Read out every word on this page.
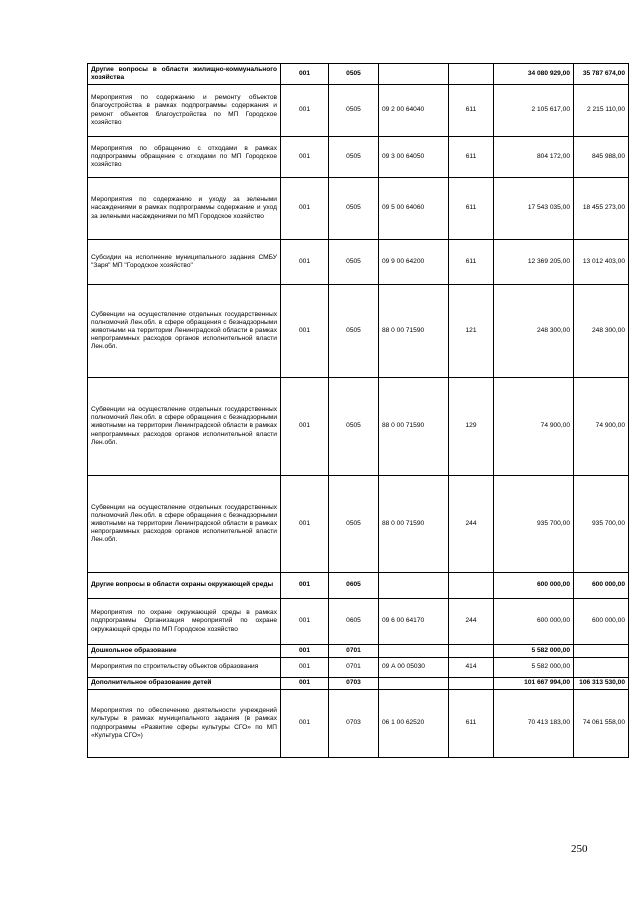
Другие вопросы в области жилищно-коммунального хозяйства	001	0505			34 080 929,00	35 787 674,00
Мероприятия по содержанию и ремонту объектов благоустройства в рамках подпрограммы содержания и ремонт объектов благоустройства по МП Городское хозяйство	001	0505	09 2 00 64040	611	2 105 617,00	2 215 110,00
Мероприятия по обращению с отходами в рамках подпрограммы обращение с отходами по МП Городское хозяйство	001	0505	09 3 00 64050	611	804 172,00	845 988,00
Мероприятия по содержанию и уходу за зелеными насаждениями в рамках подпрограммы содержание и уход за зелеными насаждениями по МП Городское хозяйство	001	0505	09 5 00 64060	611	17 543 035,00	18 455 273,00
Субсидии на исполнение муниципального задания СМБУ "Заря" МП "Городское хозяйство"	001	0505	09 9 00 64200	611	12 369 205,00	13 012 403,00
Субвенции на осуществление отдельных государственных полномочий Лен.обл. в сфере обращения с безнадзорными животными на территории Ленинградской области в рамках непрограммных расходов органов исполнительной власти Лен.обл.	001	0505	88 0 00 71590	121	248 300,00	248 300,00
Субвенции на осуществление отдельных государственных полномочий Лен.обл. в сфере обращения с безнадзорными животными на территории Ленинградской области в рамках непрограммных расходов органов исполнительной власти Лен.обл.	001	0505	88 0 00 71590	129	74 900,00	74 900,00
Субвенции на осуществление отдельных государственных полномочий Лен.обл. в сфере обращения с безнадзорными животными на территории Ленинградской области в рамках непрограммных расходов органов исполнительной власти Лен.обл.	001	0505	88 0 00 71590	244	935 700,00	935 700,00
Другие вопросы в области охраны окружающей среды	001	0605			600 000,00	600 000,00
Мероприятия по охране окружающей среды в рамках подпрограммы Организация мероприятий по охране окружающей среды по МП Городское хозяйство	001	0605	09 6 00 64170	244	600 000,00	600 000,00
Дошкольное образование	001	0701			5 582 000,00	
Мероприятия по строительству объектов образования	001	0701	09 А 00 05030	414	5 582 000,00	
Дополнительное образование детей	001	0703			101 667 994,00	106 313 530,00
Мероприятия по обеспечению деятельности учреждений культуры в рамках муниципального задания (в рамках подпрограммы «Развитие сферы культуры СГО» по МП «Культура СГО»)	001	0703	06 1 00 62520	611	70 413 183,00	74 061 558,00
250
